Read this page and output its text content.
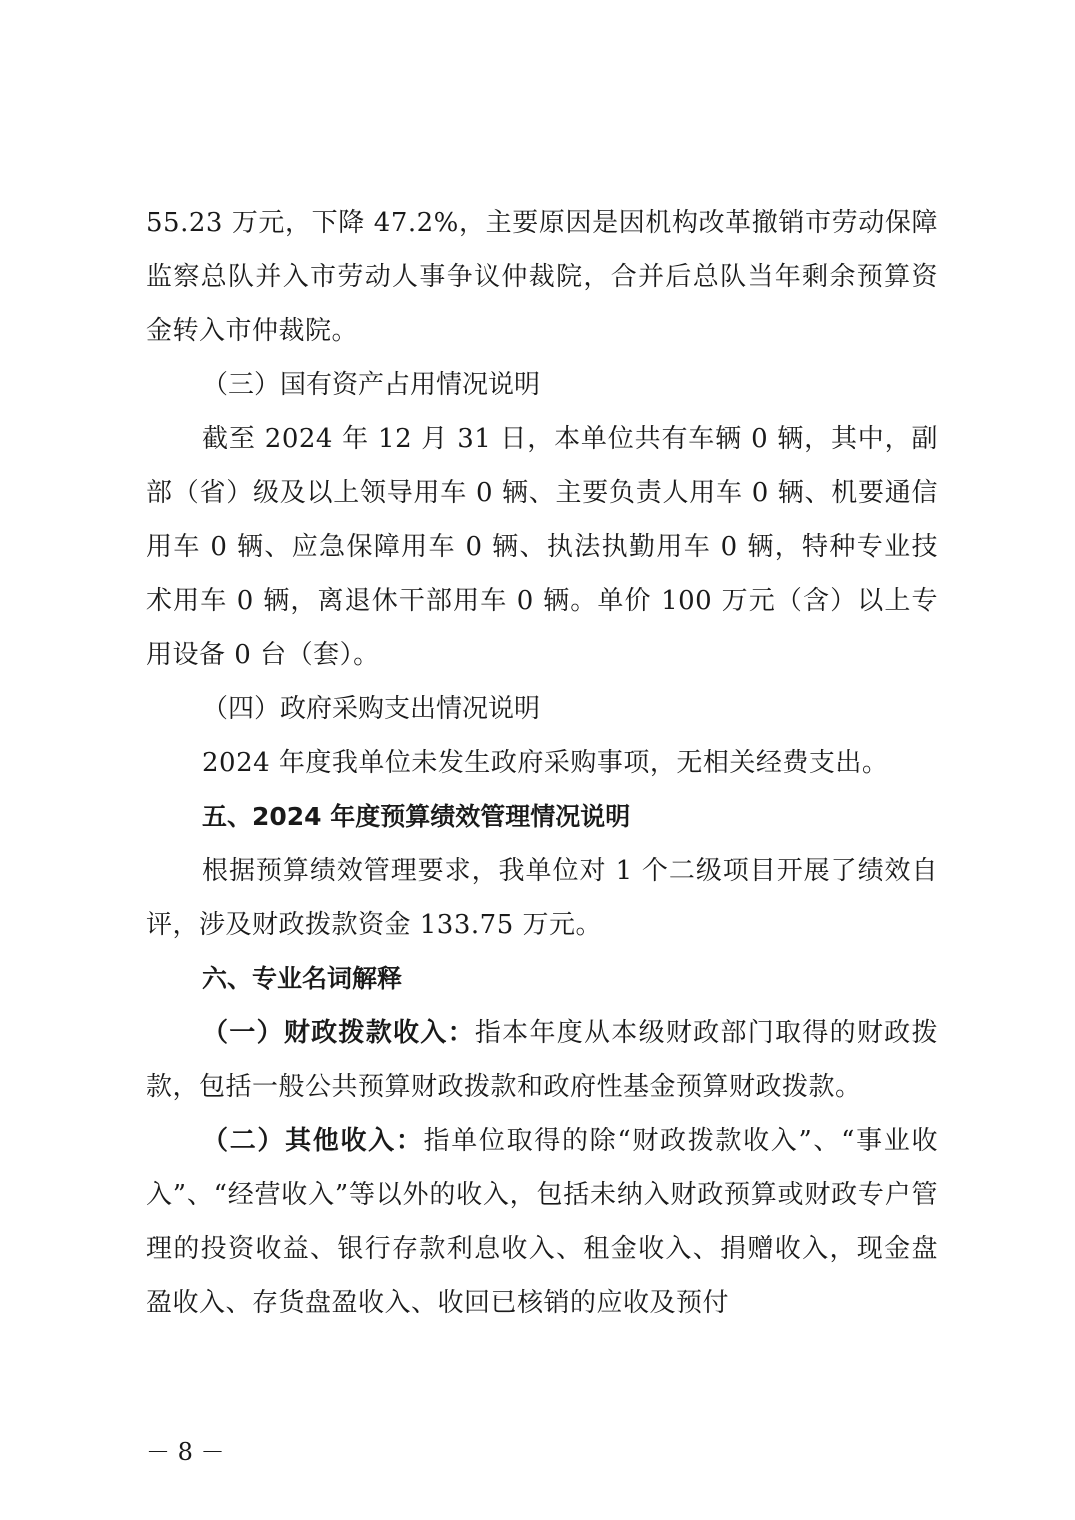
55.23 万元，下降 47.2%，主要原因是因机构改革撤销市劳动保障监察总队并入市劳动人事争议仲裁院，合并后总队当年剩余预算资金转入市仲裁院。

（三）国有资产占用情况说明

截至 2024 年 12 月 31 日，本单位共有车辆 0 辆，其中，副部（省）级及以上领导用车 0 辆、主要负责人用车 0 辆、机要通信用车 0 辆、应急保障用车 0 辆、执法执勤用车 0 辆，特种专业技术用车 0 辆，离退休干部用车 0 辆。单价 100 万元（含）以上专用设备 0 台（套）。

（四）政府采购支出情况说明

2024 年度我单位未发生政府采购事项，无相关经费支出。

五、2024 年度预算绩效管理情况说明

根据预算绩效管理要求，我单位对 1 个二级项目开展了绩效自评，涉及财政拨款资金 133.75 万元。

六、专业名词解释

（一）财政拨款收入：指本年度从本级财政部门取得的财政拨款，包括一般公共预算财政拨款和政府性基金预算财政拨款。

（二）其他收入：指单位取得的除“财政拨款收入”、“事业收入”、“经营收入”等以外的收入，包括未纳入财政预算或财政专户管理的投资收益、银行存款利息收入、租金收入、捐赠收入，现金盘盈收入、存货盘盈收入、收回已核销的应收及预付

－ 8 －
